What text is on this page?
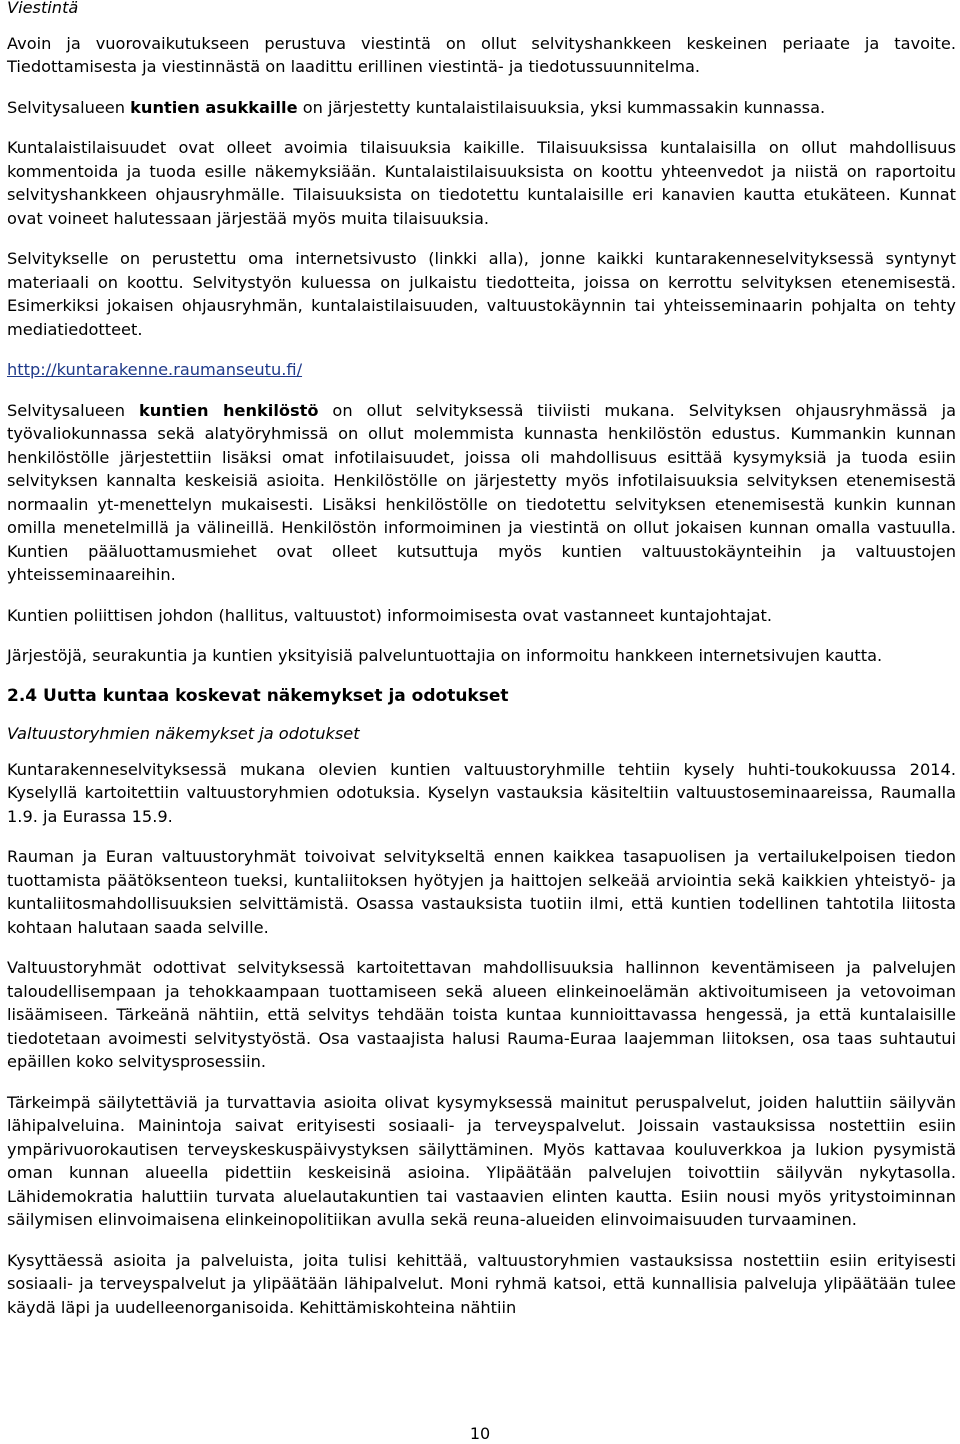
Viestintä

Avoin ja vuorovaikutukseen perustuva viestintä on ollut selvityshankkeen keskeinen periaate ja tavoite. Tiedottamisesta ja viestinnästä on laadittu erillinen viestintä- ja tiedotussuunnitelma.

Selvitysalueen kuntien asukkaille on järjestetty kuntalaistilaisuuksia, yksi kummassakin kunnassa.

Kuntalaistilaisuudet ovat olleet avoimia tilaisuuksia kaikille. Tilaisuuksissa kuntalaisilla on ollut mahdollisuus kommentoida ja tuoda esille näkemyksiään. Kuntalaistilaisuuksista on koottu yhteenvedot ja niistä on raportoitu selvityshankkeen ohjausryhmälle. Tilaisuuksista on tiedotettu kuntalaisille eri kanavien kautta etukäteen. Kunnat ovat voineet halutessaan järjestää myös muita tilaisuuksia.

Selvitykselle on perustettu oma internetsivusto (linkki alla), jonne kaikki kuntarakenneselvityksessä syntynyt materiaali on koottu. Selvitystyön kuluessa on julkaistu tiedotteita, joissa on kerrottu selvityksen etenemisestä. Esimerkiksi jokaisen ohjausryhmän, kuntalaistilaisuuden, valtuustokäynnin tai yhteisseminaarin pohjalta on tehty mediatiedotteet.

http://kuntarakenne.raumanseutu.fi/

Selvitysalueen kuntien henkilöstö on ollut selvityksessä tiiviisti mukana. Selvityksen ohjausryhmässä ja työvaliokunnassa sekä alatyöryhmissä on ollut molemmista kunnasta henkilöstön edustus. Kummankin kunnan henkilöstölle järjestettiin lisäksi omat infotilaisuudet, joissa oli mahdollisuus esittää kysymyksiä ja tuoda esiin selvityksen kannalta keskeisiä asioita. Henkilöstölle on järjestetty myös infotilaisuuksia selvityksen etenemisestä normaalin yt-menettelyn mukaisesti. Lisäksi henkilöstölle on tiedotettu selvityksen etenemisestä kunkin kunnan omilla menetelmillä ja välineillä. Henkilöstön informoiminen ja viestintä on ollut jokaisen kunnan omalla vastuulla. Kuntien pääluottamusmiehet ovat olleet kutsuttuja myös kuntien valtuustokäynteihin ja valtuustojen yhteisseminaareihin.

Kuntien poliittisen johdon (hallitus, valtuustot) informoimisesta ovat vastanneet kuntajohtajat.

Järjestöjä, seurakuntia ja kuntien yksityisiä palveluntuottajia on informoitu hankkeen internetsivujen kautta.

2.4 Uutta kuntaa koskevat näkemykset ja odotukset

Valtuustoryhmien näkemykset ja odotukset

Kuntarakenneselvityksessä mukana olevien kuntien valtuustoryhmille tehtiin kysely huhti-toukokuussa 2014. Kyselyllä kartoitettiin valtuustoryhmien odotuksia. Kyselyn vastauksia käsiteltiin valtuustoseminaareissa, Raumalla 1.9. ja Eurassa 15.9.

Rauman ja Euran valtuustoryhmät toivoivat selvitykseltä ennen kaikkea tasapuolisen ja vertailukelpoisen tiedon tuottamista päätöksenteon tueksi, kuntaliitoksen hyötyjen ja haittojen selkeää arviointia sekä kaikkien yhteistyö- ja kuntaliitosmahdollisuuksien selvittämistä. Osassa vastauksista tuotiin ilmi, että kuntien todellinen tahtotila liitosta kohtaan halutaan saada selville.

Valtuustoryhmät odottivat selvityksessä kartoitettavan mahdollisuuksia hallinnon keventämiseen ja palvelujen taloudellisempaan ja tehokkaampaan tuottamiseen sekä alueen elinkeinoelämän aktivoitumiseen ja vetovoiman lisäämiseen. Tärkeänä nähtiin, että selvitys tehdään toista kuntaa kunnioittavassa hengessä, ja että kuntalaisille tiedotetaan avoimesti selvitystyöstä. Osa vastaajista halusi Rauma-Euraa laajemman liitoksen, osa taas suhtautui epäillen koko selvitysprosessiin.

Tärkeimpä säilytettäviä ja turvattavia asioita olivat kysymyksessä mainitut peruspalvelut, joiden haluttiin säilyvän lähipalveluina. Mainintoja saivat erityisesti sosiaali- ja terveyspalvelut. Joissain vastauksissa nostettiin esiin ympärivuorokautisen terveyskeskuspäivystyksen säilyttäminen. Myös kattavaa kouluverkkoa ja lukion pysymistä oman kunnan alueella pidettiin keskeisinä asioina. Ylipäätään palvelujen toivottiin säilyvän nykytasolla. Lähidemokratia haluttiin turvata aluelautakuntien tai vastaavien elinten kautta. Esiin nousi myös yritystoiminnan säilymisen elinvoimaisena elinkeinopolitiikan avulla sekä reuna-alueiden elinvoimaisuuden turvaaminen.

Kysyttäessä asioita ja palveluista, joita tulisi kehittää, valtuustoryhmien vastauksissa nostettiin esiin erityisesti sosiaali- ja terveyspalvelut ja ylipäätään lähipalvelut. Moni ryhmä katsoi, että kunnallisia palveluja ylipäätään tulee käydä läpi ja uudelleenorganisoida. Kehittämiskohteina nähtiin

10
